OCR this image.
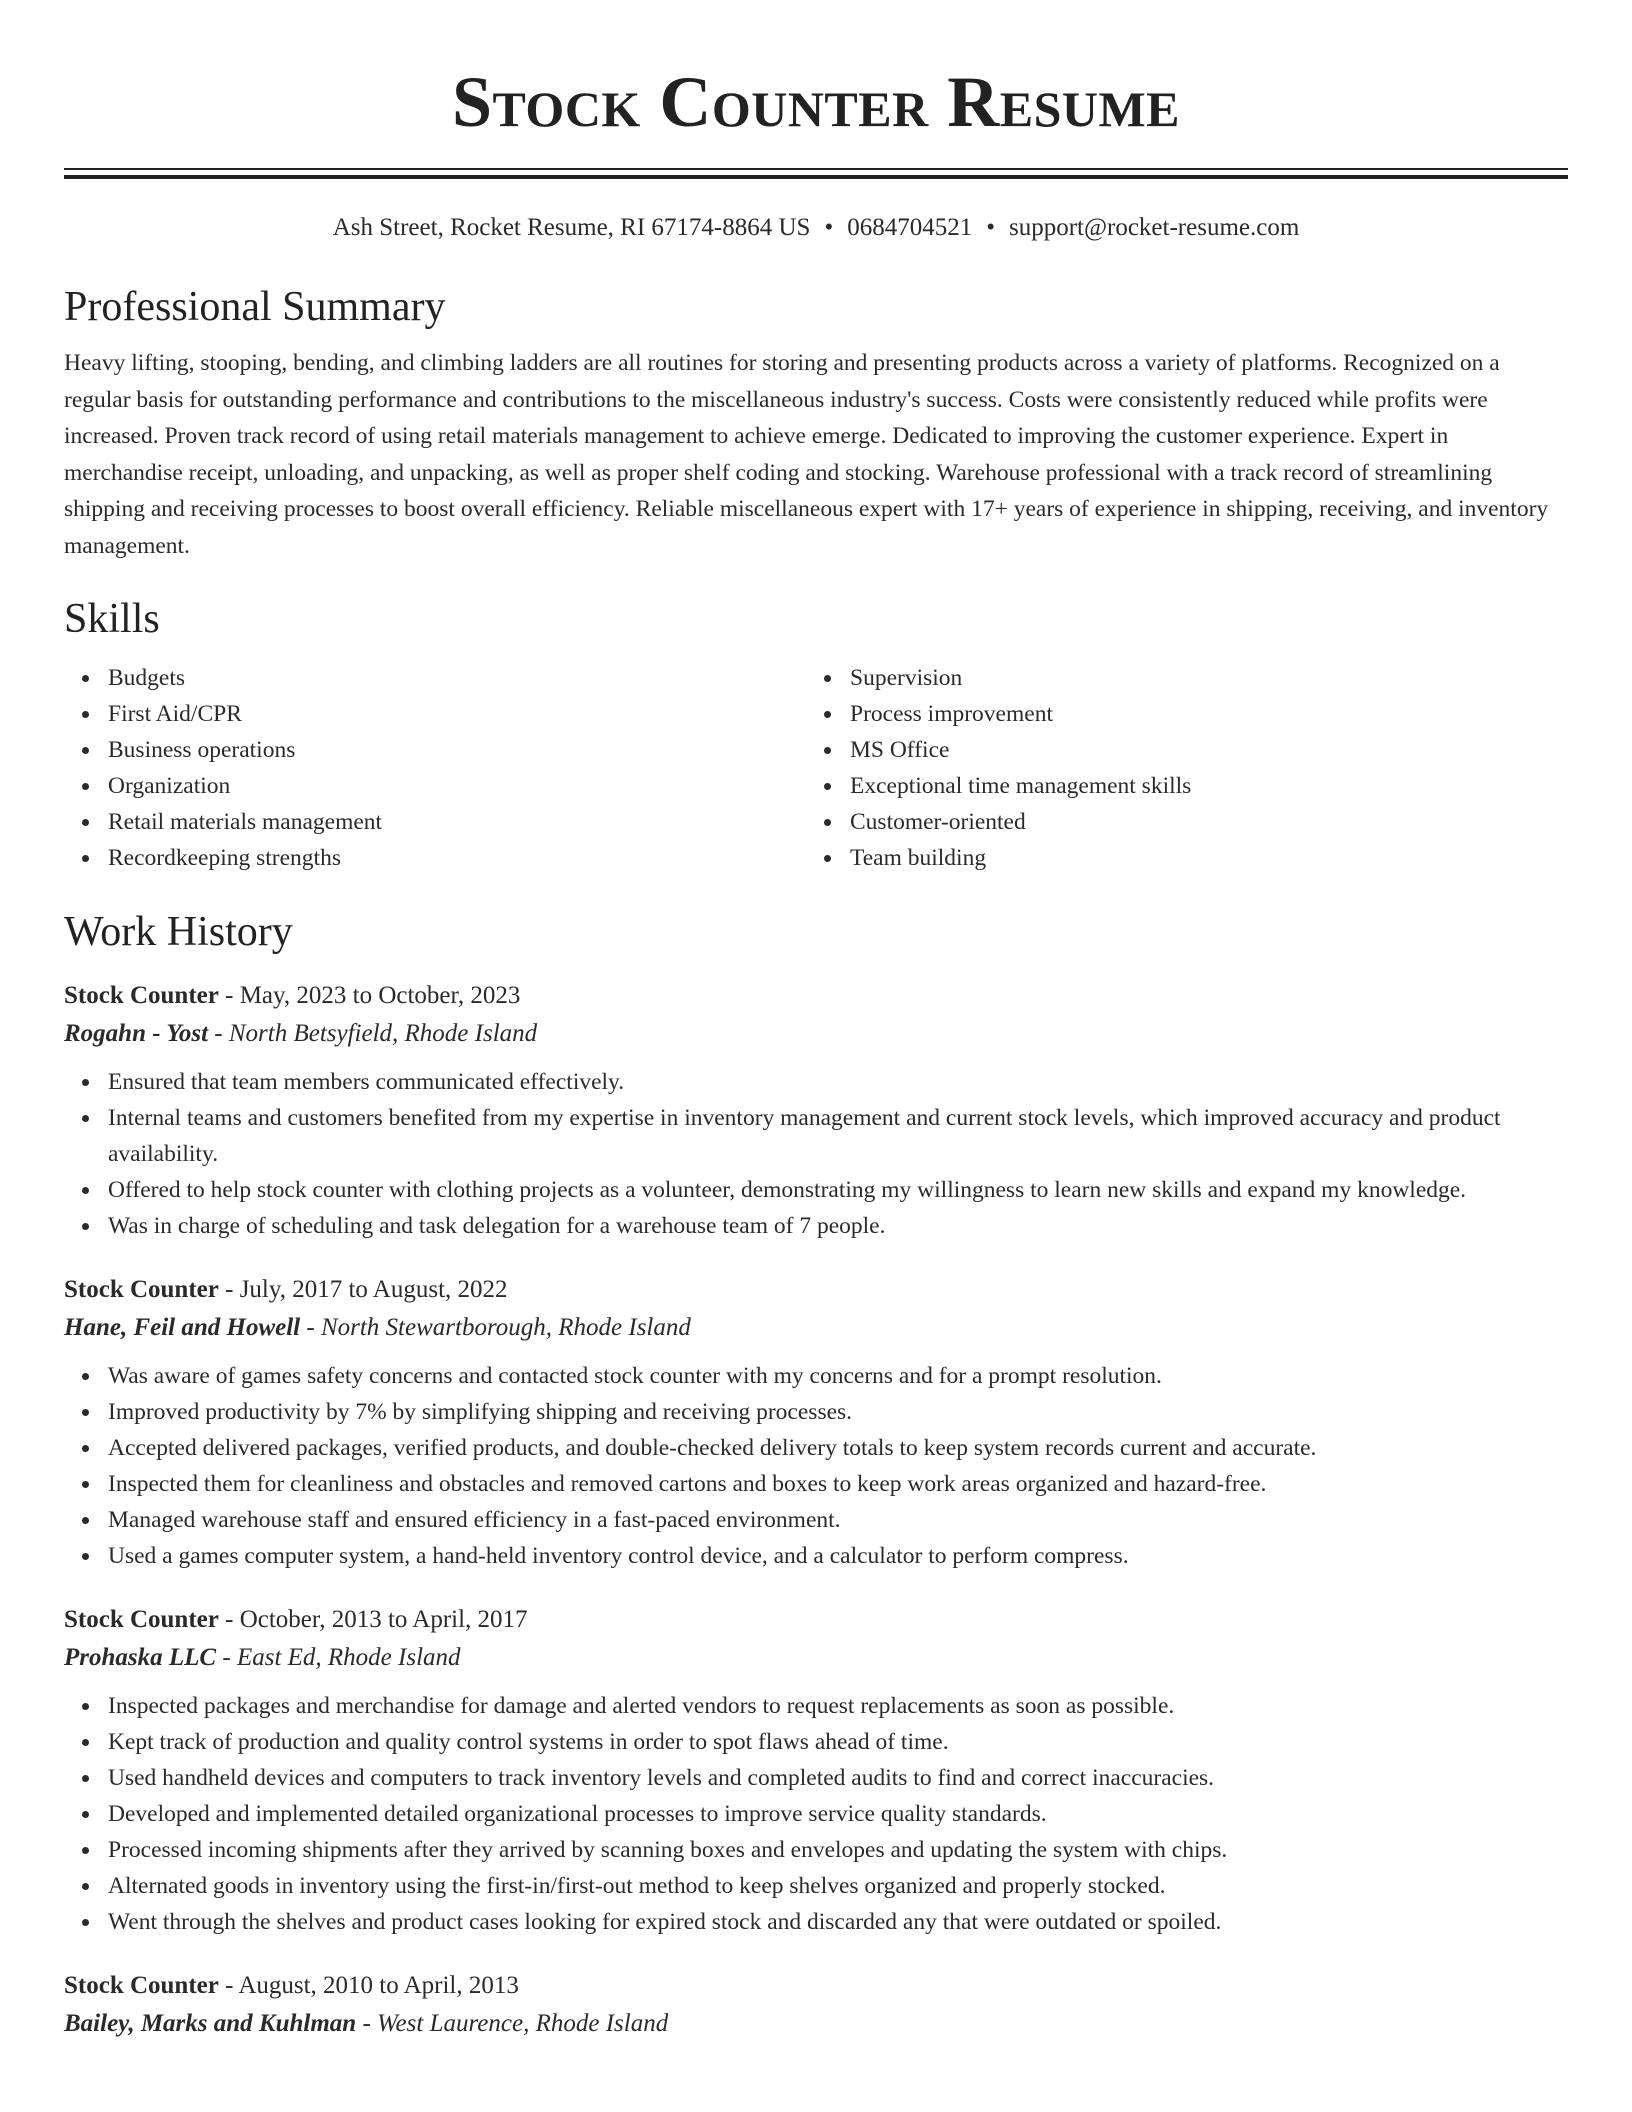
Stock Counter Resume
Ash Street, Rocket Resume, RI 67174-8864 US • 0684704521 • support@rocket-resume.com
Professional Summary

Heavy lifting, stooping, bending, and climbing ladders are all routines for storing and presenting products across a variety of platforms. Recognized on a regular basis for outstanding performance and contributions to the miscellaneous industry's success. Costs were consistently reduced while profits were increased. Proven track record of using retail materials management to achieve emerge. Dedicated to improving the customer experience. Expert in merchandise receipt, unloading, and unpacking, as well as proper shelf coding and stocking. Warehouse professional with a track record of streamlining shipping and receiving processes to boost overall efficiency. Reliable miscellaneous expert with 17+ years of experience in shipping, receiving, and inventory management.

Skills
Budgets
First Aid/CPR
Business operations
Organization
Retail materials management
Recordkeeping strengths
Supervision
Process improvement
MS Office
Exceptional time management skills
Customer-oriented
Team building
Work History
Stock Counter - May, 2023 to October, 2023
Rogahn - Yost - North Betsyfield, Rhode Island
Ensured that team members communicated effectively.
Internal teams and customers benefited from my expertise in inventory management and current stock levels, which improved accuracy and product availability.
Offered to help stock counter with clothing projects as a volunteer, demonstrating my willingness to learn new skills and expand my knowledge.
Was in charge of scheduling and task delegation for a warehouse team of 7 people.
Stock Counter - July, 2017 to August, 2022
Hane, Feil and Howell - North Stewartborough, Rhode Island
Was aware of games safety concerns and contacted stock counter with my concerns and for a prompt resolution.
Improved productivity by 7% by simplifying shipping and receiving processes.
Accepted delivered packages, verified products, and double-checked delivery totals to keep system records current and accurate.
Inspected them for cleanliness and obstacles and removed cartons and boxes to keep work areas organized and hazard-free.
Managed warehouse staff and ensured efficiency in a fast-paced environment.
Used a games computer system, a hand-held inventory control device, and a calculator to perform compress.
Stock Counter - October, 2013 to April, 2017
Prohaska LLC - East Ed, Rhode Island
Inspected packages and merchandise for damage and alerted vendors to request replacements as soon as possible.
Kept track of production and quality control systems in order to spot flaws ahead of time.
Used handheld devices and computers to track inventory levels and completed audits to find and correct inaccuracies.
Developed and implemented detailed organizational processes to improve service quality standards.
Processed incoming shipments after they arrived by scanning boxes and envelopes and updating the system with chips.
Alternated goods in inventory using the first-in/first-out method to keep shelves organized and properly stocked.
Went through the shelves and product cases looking for expired stock and discarded any that were outdated or spoiled.
Stock Counter - August, 2010 to April, 2013
Bailey, Marks and Kuhlman - West Laurence, Rhode Island
